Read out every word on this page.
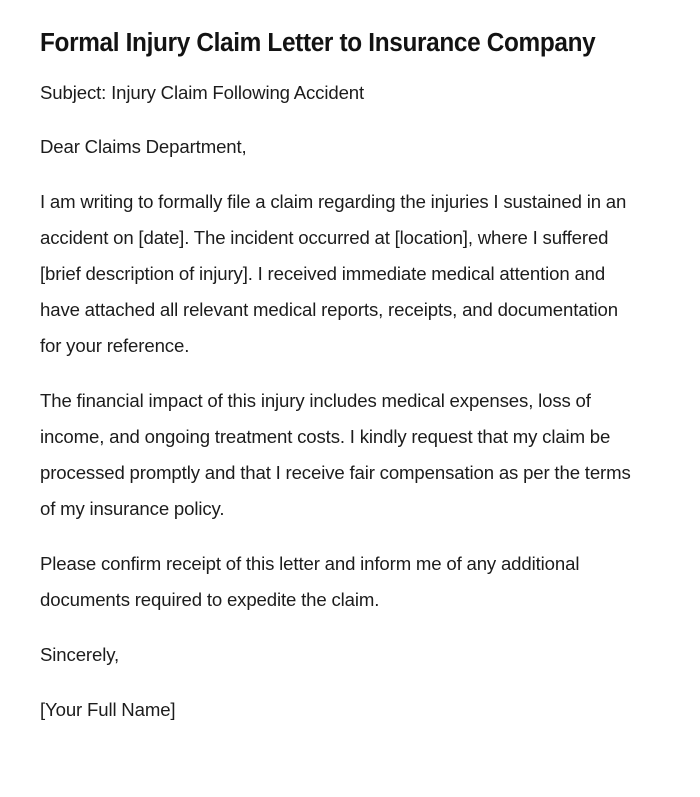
Formal Injury Claim Letter to Insurance Company

Subject: Injury Claim Following Accident

Dear Claims Department,

I am writing to formally file a claim regarding the injuries I sustained in an accident on [date]. The incident occurred at [location], where I suffered [brief description of injury]. I received immediate medical attention and have attached all relevant medical reports, receipts, and documentation for your reference.

The financial impact of this injury includes medical expenses, loss of income, and ongoing treatment costs. I kindly request that my claim be processed promptly and that I receive fair compensation as per the terms of my insurance policy.

Please confirm receipt of this letter and inform me of any additional documents required to expedite the claim.

Sincerely,

[Your Full Name]
